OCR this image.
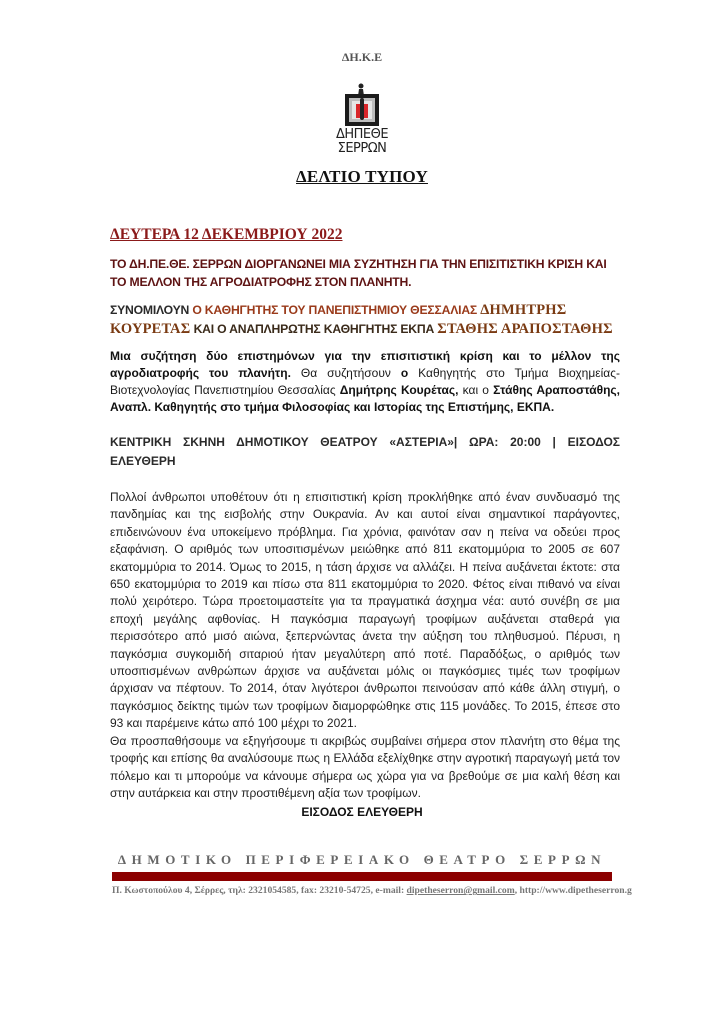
ΔΗ.Κ.Ε
ΔΗΠΕΘΕ
ΣΕΡΡΩΝ
ΔΕΛΤΙΟ ΤΥΠΟΥ
ΔΕΥΤΕΡΑ 12 ΔΕΚΕΜΒΡΙΟΥ 2022
ΤΟ ΔΗ.ΠΕ.ΘΕ. ΣΕΡΡΩΝ ΔΙΟΡΓΑΝΩΝΕΙ ΜΙΑ ΣΥΖΗΤΗΣΗ ΓΙΑ ΤΗΝ ΕΠΙΣΙΤΙΣΤΙΚΗ ΚΡΙΣΗ ΚΑΙ ΤΟ ΜΕΛΛΟΝ ΤΗΣ ΑΓΡΟΔΙΑΤΡΟΦΗΣ ΣΤΟΝ ΠΛΑΝΗΤΗ.
ΣΥΝΟΜΙΛΟΥΝ Ο ΚΑΘΗΓΗΤΗΣ ΤΟΥ ΠΑΝΕΠΙΣΤΗΜΙΟΥ ΘΕΣΣΑΛΙΑΣ ΔΗΜΗΤΡΗΣ ΚΟΥΡΕΤΑΣ ΚΑΙ Ο ΑΝΑΠΛΗΡΩΤΗΣ ΚΑΘΗΓΗΤΗΣ ΕΚΠΑ ΣΤΑΘΗΣ ΑΡΑΠΟΣΤΑΘΗΣ
Μια συζήτηση δύο επιστημόνων για την επισιτιστική κρίση και το μέλλον της αγροδιατροφής του πλανήτη. Θα συζητήσουν ο Καθηγητής στο Τμήμα Βιοχημείας-Βιοτεχνολογίας Πανεπιστημίου Θεσσαλίας Δημήτρης Κουρέτας, και ο Στάθης Αραποστάθης, Αναπλ. Καθηγητής στο τμήμα Φιλοσοφίας και Ιστορίας της Επιστήμης, ΕΚΠΑ.
ΚΕΝΤΡΙΚΗ ΣΚΗΝΗ ΔΗΜΟΤΙΚΟΥ ΘΕΑΤΡΟΥ «ΑΣΤΕΡΙΑ»| ΩΡΑ: 20:00 | ΕΙΣΟΔΟΣ ΕΛΕΥΘΕΡΗ

Πολλοί άνθρωποι υποθέτουν ότι η επισιτιστική κρίση προκλήθηκε από έναν συνδυασμό της πανδημίας και της εισβολής στην Ουκρανία. Αν και αυτοί είναι σημαντικοί παράγοντες, επιδεινώνουν ένα υποκείμενο πρόβλημα. Για χρόνια, φαινόταν σαν η πείνα να οδεύει προς εξαφάνιση. Ο αριθμός των υποσιτισμένων μειώθηκε από 811 εκατομμύρια το 2005 σε 607 εκατομμύρια το 2014. Όμως το 2015, η τάση άρχισε να αλλάζει. Η πείνα αυξάνεται έκτοτε: στα 650 εκατομμύρια το 2019 και πίσω στα 811 εκατομμύρια το 2020. Φέτος είναι πιθανό να είναι πολύ χειρότερο. Τώρα προετοιμαστείτε για τα πραγματικά άσχημα νέα: αυτό συνέβη σε μια εποχή μεγάλης αφθονίας. Η παγκόσμια παραγωγή τροφίμων αυξάνεται σταθερά για περισσότερο από μισό αιώνα, ξεπερνώντας άνετα την αύξηση του πληθυσμού. Πέρυσι, η παγκόσμια συγκομιδή σιταριού ήταν μεγαλύτερη από ποτέ. Παραδόξως, ο αριθμός των υποσιτισμένων ανθρώπων άρχισε να αυξάνεται μόλις οι παγκόσμιες τιμές των τροφίμων άρχισαν να πέφτουν. Το 2014, όταν λιγότεροι άνθρωποι πεινούσαν από κάθε άλλη στιγμή, ο παγκόσμιος δείκτης τιμών των τροφίμων διαμορφώθηκε στις 115 μονάδες. Το 2015, έπεσε στο 93 και παρέμεινε κάτω από 100 μέχρι το 2021.

Θα προσπαθήσουμε να εξηγήσουμε τι ακριβώς συμβαίνει σήμερα στον πλανήτη στο θέμα της τροφής και επίσης θα αναλύσουμε πως η Ελλάδα εξελίχθηκε στην αγροτική παραγωγή μετά τον πόλεμο και τι μπορούμε να κάνουμε σήμερα ως χώρα για να βρεθούμε σε μια καλή θέση και στην αυτάρκεια και στην προστιθέμενη αξία των τροφίμων.

ΕΙΣΟΔΟΣ ΕΛΕΥΘΕΡΗ
ΔΗΜΟΤΙΚΟ ΠΕΡΙΦΕΡΕΙΑΚΟ ΘΕΑΤΡΟ ΣΕΡΡΩΝ
Π. Κωστοπούλου 4, Σέρρες, τηλ: 2321054585, fax: 23210-54725, e-mail: dipetheserron@gmail.com, http://www.dipetheserron.g
